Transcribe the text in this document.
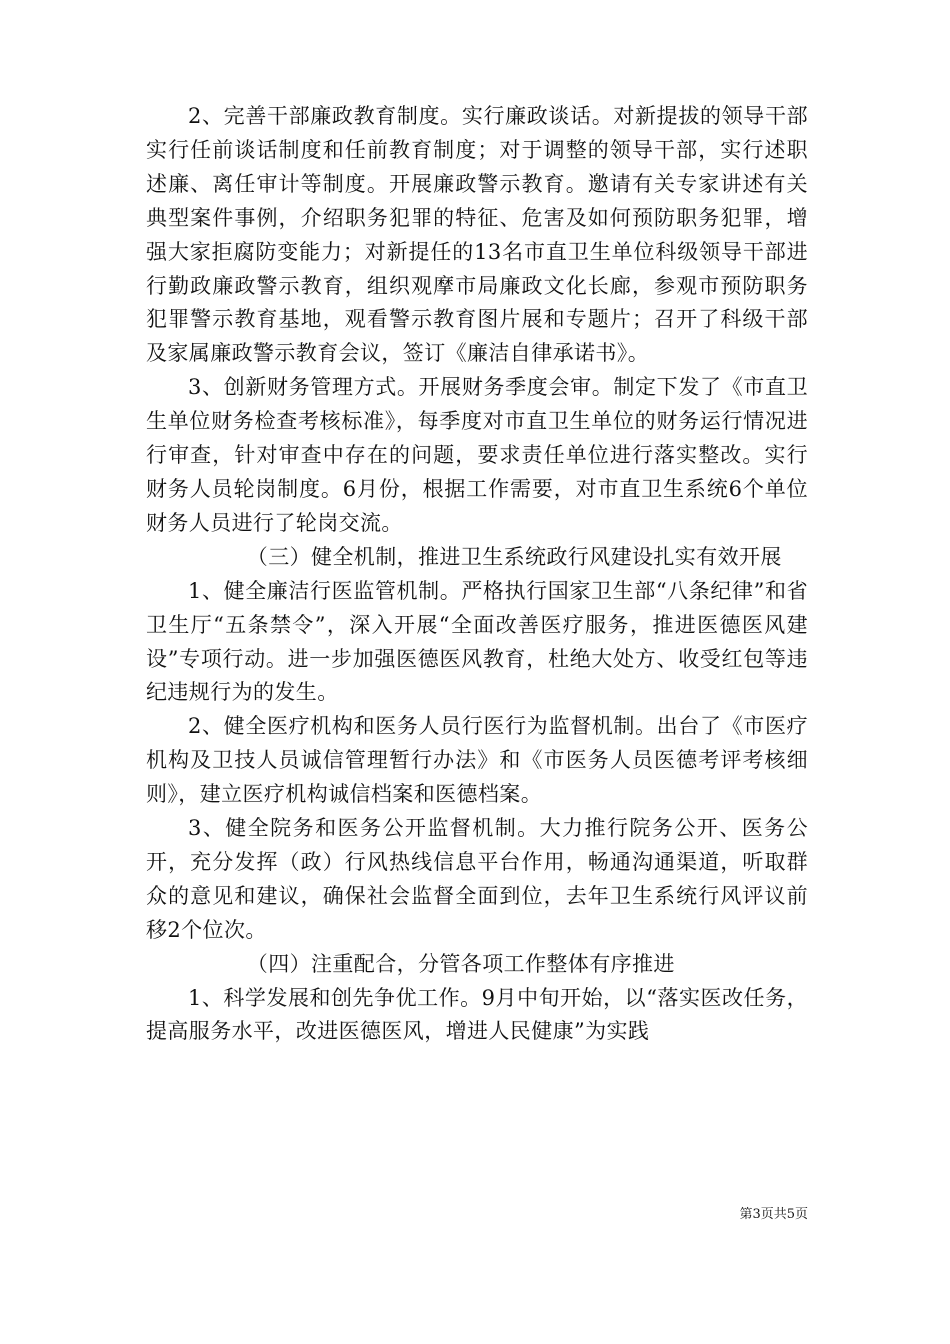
2、完善干部廉政教育制度。实行廉政谈话。对新提拔的领导干部实行任前谈话制度和任前教育制度；对于调整的领导干部，实行述职述廉、离任审计等制度。开展廉政警示教育。邀请有关专家讲述有关典型案件事例，介绍职务犯罪的特征、危害及如何预防职务犯罪，增强大家拒腐防变能力；对新提任的13名市直卫生单位科级领导干部进行勤政廉政警示教育，组织观摩市局廉政文化长廊，参观市预防职务犯罪警示教育基地，观看警示教育图片展和专题片；召开了科级干部及家属廉政警示教育会议，签订《廉洁自律承诺书》。

3、创新财务管理方式。开展财务季度会审。制定下发了《市直卫生单位财务检查考核标准》，每季度对市直卫生单位的财务运行情况进行审查，针对审查中存在的问题，要求责任单位进行落实整改。实行财务人员轮岗制度。6月份，根据工作需要，对市直卫生系统6个单位财务人员进行了轮岗交流。

（三）健全机制，推进卫生系统政行风建设扎实有效开展

1、健全廉洁行医监管机制。严格执行国家卫生部“八条纪律”和省卫生厅“五条禁令”，深入开展“全面改善医疗服务，推进医德医风建设”专项行动。进一步加强医德医风教育，杜绝大处方、收受红包等违纪违规行为的发生。

2、健全医疗机构和医务人员行医行为监督机制。出台了《市医疗机构及卫技人员诚信管理暂行办法》和《市医务人员医德考评考核细则》，建立医疗机构诚信档案和医德档案。

3、健全院务和医务公开监督机制。大力推行院务公开、医务公开，充分发挥（政）行风热线信息平台作用，畅通沟通渠道，听取群众的意见和建议，确保社会监督全面到位，去年卫生系统行风评议前移2个位次。

（四）注重配合，分管各项工作整体有序推进

1、科学发展和创先争优工作。9月中旬开始，以“落实医改任务，提高服务水平，改进医德医风，增进人民健康”为实践

第3页共5页
